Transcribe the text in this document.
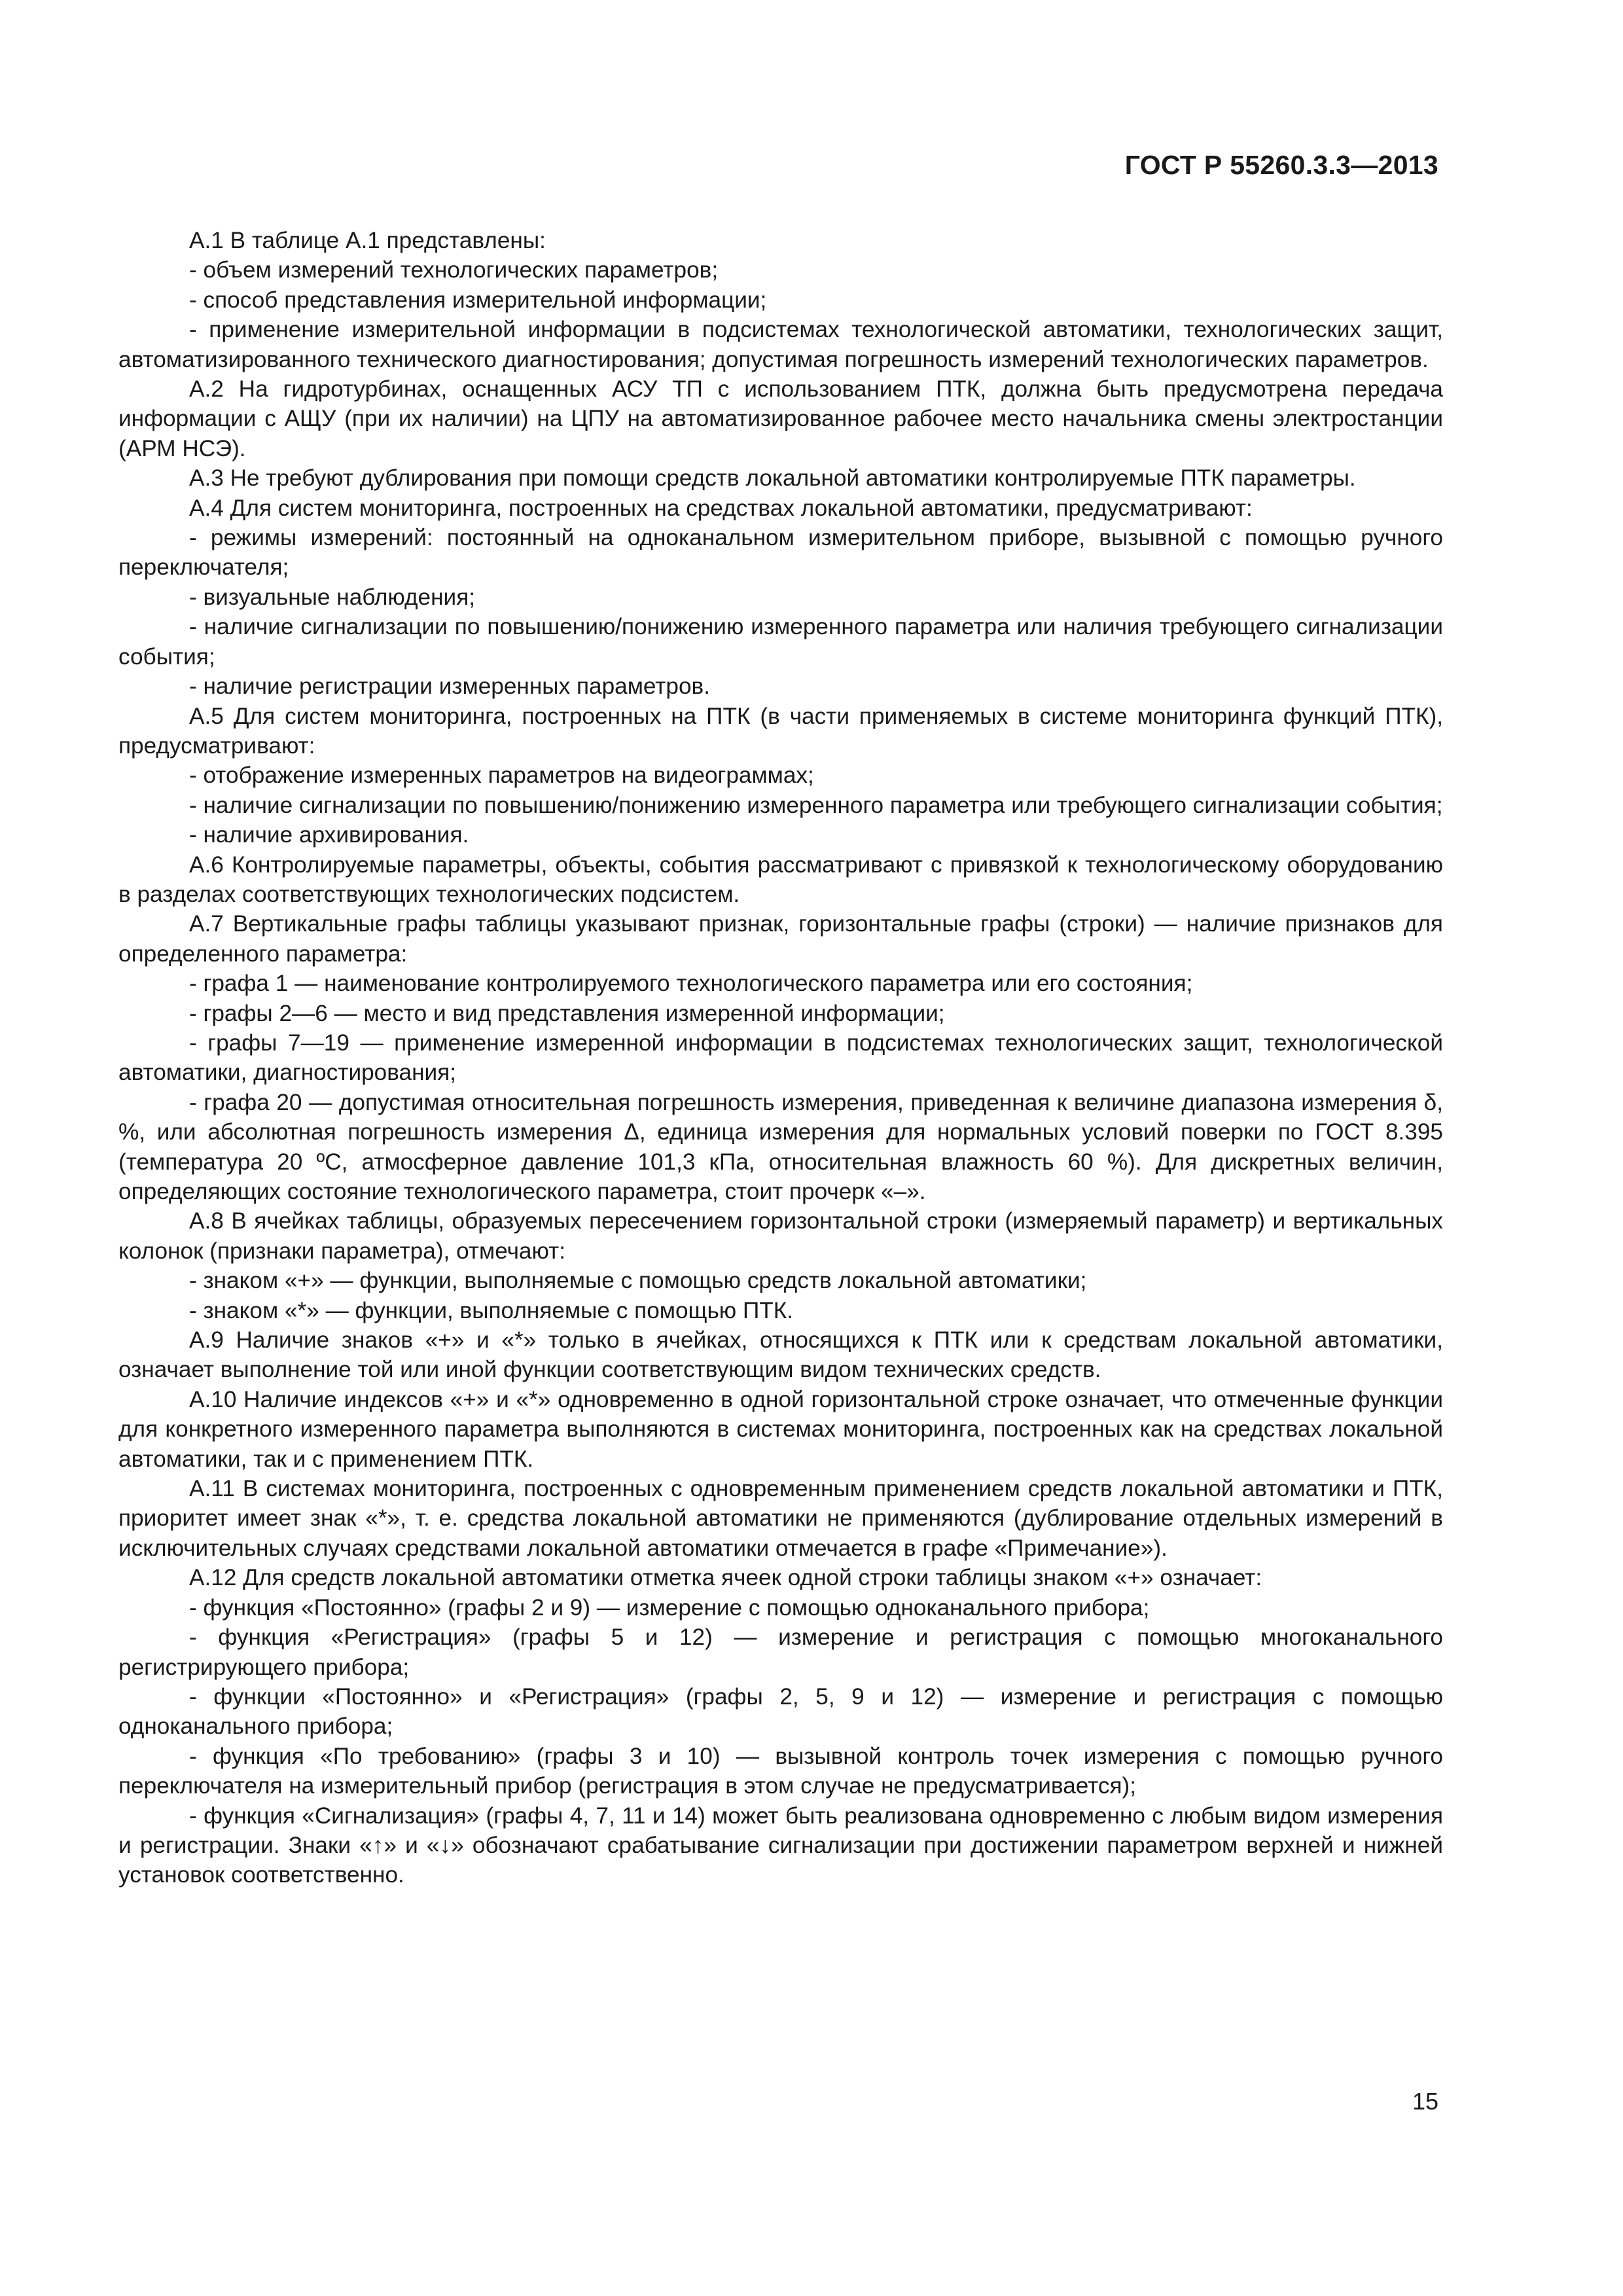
ГОСТ Р 55260.3.3—2013

А.1 В таблице А.1 представлены:

- объем измерений технологических параметров;

- способ представления измерительной информации;

- применение измерительной информации в подсистемах технологической автоматики, технологических защит, автоматизированного технического диагностирования; допустимая погрешность измерений технологических параметров.

А.2 На гидротурбинах, оснащенных АСУ ТП с использованием ПТК, должна быть предусмотрена передача информации с АЩУ (при их наличии) на ЦПУ на автоматизированное рабочее место начальника смены электростанции (АРМ НСЭ).

А.3 Не требуют дублирования при помощи средств локальной автоматики контролируемые ПТК параметры.

А.4 Для систем мониторинга, построенных на средствах локальной автоматики, предусматривают:

- режимы измерений: постоянный на одноканальном измерительном приборе, вызывной с помощью ручного переключателя;

- визуальные наблюдения;

- наличие сигнализации по повышению/понижению измеренного параметра или наличия требующего сигнализации события;

- наличие регистрации измеренных параметров.

А.5 Для систем мониторинга, построенных на ПТК (в части применяемых в системе мониторинга функций ПТК), предусматривают:

- отображение измеренных параметров на видеограммах;

- наличие сигнализации по повышению/понижению измеренного параметра или требующего сигнализации события;

- наличие архивирования.

А.6 Контролируемые параметры, объекты, события рассматривают с привязкой к технологическому оборудованию в разделах соответствующих технологических подсистем.

А.7 Вертикальные графы таблицы указывают признак, горизонтальные графы (строки) — наличие признаков для определенного параметра:

- графа 1 — наименование контролируемого технологического параметра или его состояния;

- графы 2—6 — место и вид представления измеренной информации;

- графы 7—19 — применение измеренной информации в подсистемах технологических защит, технологической автоматики, диагностирования;

- графа 20 — допустимая относительная погрешность измерения, приведенная к величине диапазона измерения δ, %, или абсолютная погрешность измерения Δ, единица измерения для нормальных условий поверки по ГОСТ 8.395 (температура 20 ºС, атмосферное давление 101,3 кПа, относительная влажность 60 %). Для дискретных величин, определяющих состояние технологического параметра, стоит прочерк «–».

А.8 В ячейках таблицы, образуемых пересечением горизонтальной строки (измеряемый параметр) и вертикальных колонок (признаки параметра), отмечают:

- знаком «+» — функции, выполняемые с помощью средств локальной автоматики;

- знаком «*» — функции, выполняемые с помощью ПТК.

А.9 Наличие знаков «+» и «*» только в ячейках, относящихся к ПТК или к средствам локальной автоматики, означает выполнение той или иной функции соответствующим видом технических средств.

А.10 Наличие индексов «+» и «*» одновременно в одной горизонтальной строке означает, что отмеченные функции для конкретного измеренного параметра выполняются в системах мониторинга, построенных как на средствах локальной автоматики, так и с применением ПТК.

А.11 В системах мониторинга, построенных с одновременным применением средств локальной автоматики и ПТК, приоритет имеет знак «*», т. е. средства локальной автоматики не применяются (дублирование отдельных измерений в исключительных случаях средствами локальной автоматики отмечается в графе «Примечание»).

А.12 Для средств локальной автоматики отметка ячеек одной строки таблицы знаком «+» означает:

- функция «Постоянно» (графы 2 и 9) — измерение с помощью одноканального прибора;

- функция «Регистрация» (графы 5 и 12) — измерение и регистрация с помощью многоканального регистрирующего прибора;

- функции «Постоянно» и «Регистрация» (графы 2, 5, 9 и 12) — измерение и регистрация с помощью одноканального прибора;

- функция «По требованию» (графы 3 и 10) — вызывной контроль точек измерения с помощью ручного переключателя на измерительный прибор (регистрация в этом случае не предусматривается);

- функция «Сигнализация» (графы 4, 7, 11 и 14) может быть реализована одновременно с любым видом измерения и регистрации. Знаки «↑» и «↓» обозначают срабатывание сигнализации при достижении параметром верхней и нижней установок соответственно.

15
